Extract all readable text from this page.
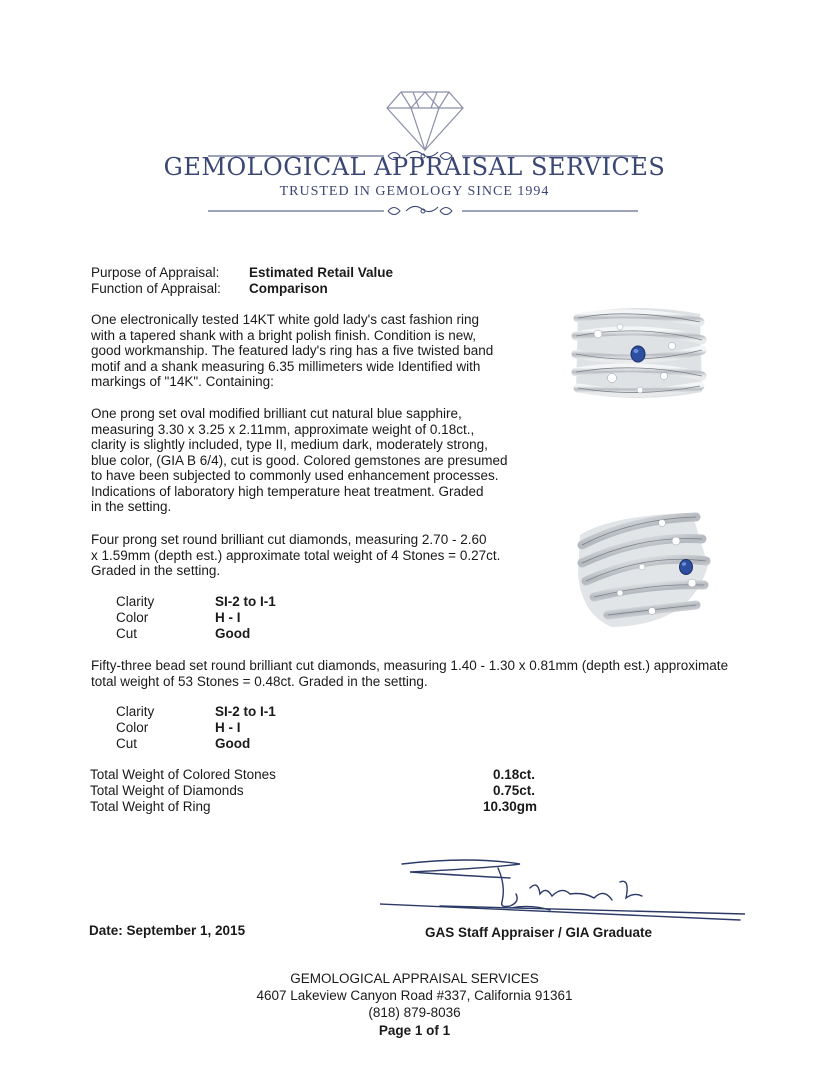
GEMOLOGICAL APPRAISAL SERVICES
TRUSTED IN GEMOLOGY SINCE 1994
Purpose of Appraisal: Estimated Retail Value
Function of Appraisal: Comparison
One electronically tested 14KT white gold lady's cast fashion ring
with a tapered shank with a bright polish finish. Condition is new,
good workmanship. The featured lady's ring has a five twisted band
motif and a shank measuring 6.35 millimeters wide Identified with
markings of "14K". Containing:
One prong set oval modified brilliant cut natural blue sapphire,
measuring 3.30 x 3.25 x 2.11mm, approximate weight of 0.18ct.,
clarity is slightly included, type II, medium dark, moderately strong,
blue color, (GIA B 6/4), cut is good. Colored gemstones are presumed
to have been subjected to commonly used enhancement processes.
Indications of laboratory high temperature heat treatment. Graded
in the setting.
Four prong set round brilliant cut diamonds, measuring 2.70 - 2.60
x 1.59mm (depth est.) approximate total weight of 4 Stones = 0.27ct.
Graded in the setting.
Clarity	SI-2 to I-1
Color	H - I
Cut	Good
Fifty-three bead set round brilliant cut diamonds, measuring 1.40 - 1.30 x 0.81mm (depth est.) approximate
total weight of 53 Stones = 0.48ct. Graded in the setting.
Clarity	SI-2 to I-1
Color	H - I
Cut	Good
Total Weight of Colored Stones	0.18ct.
Total Weight of Diamonds	0.75ct.
Total Weight of Ring	10.30gm
Date: September 1, 2015	GAS Staff Appraiser / GIA Graduate
GEMOLOGICAL APPRAISAL SERVICES
4607 Lakeview Canyon Road #337, California 91361
(818) 879-8036
Page 1 of 1
